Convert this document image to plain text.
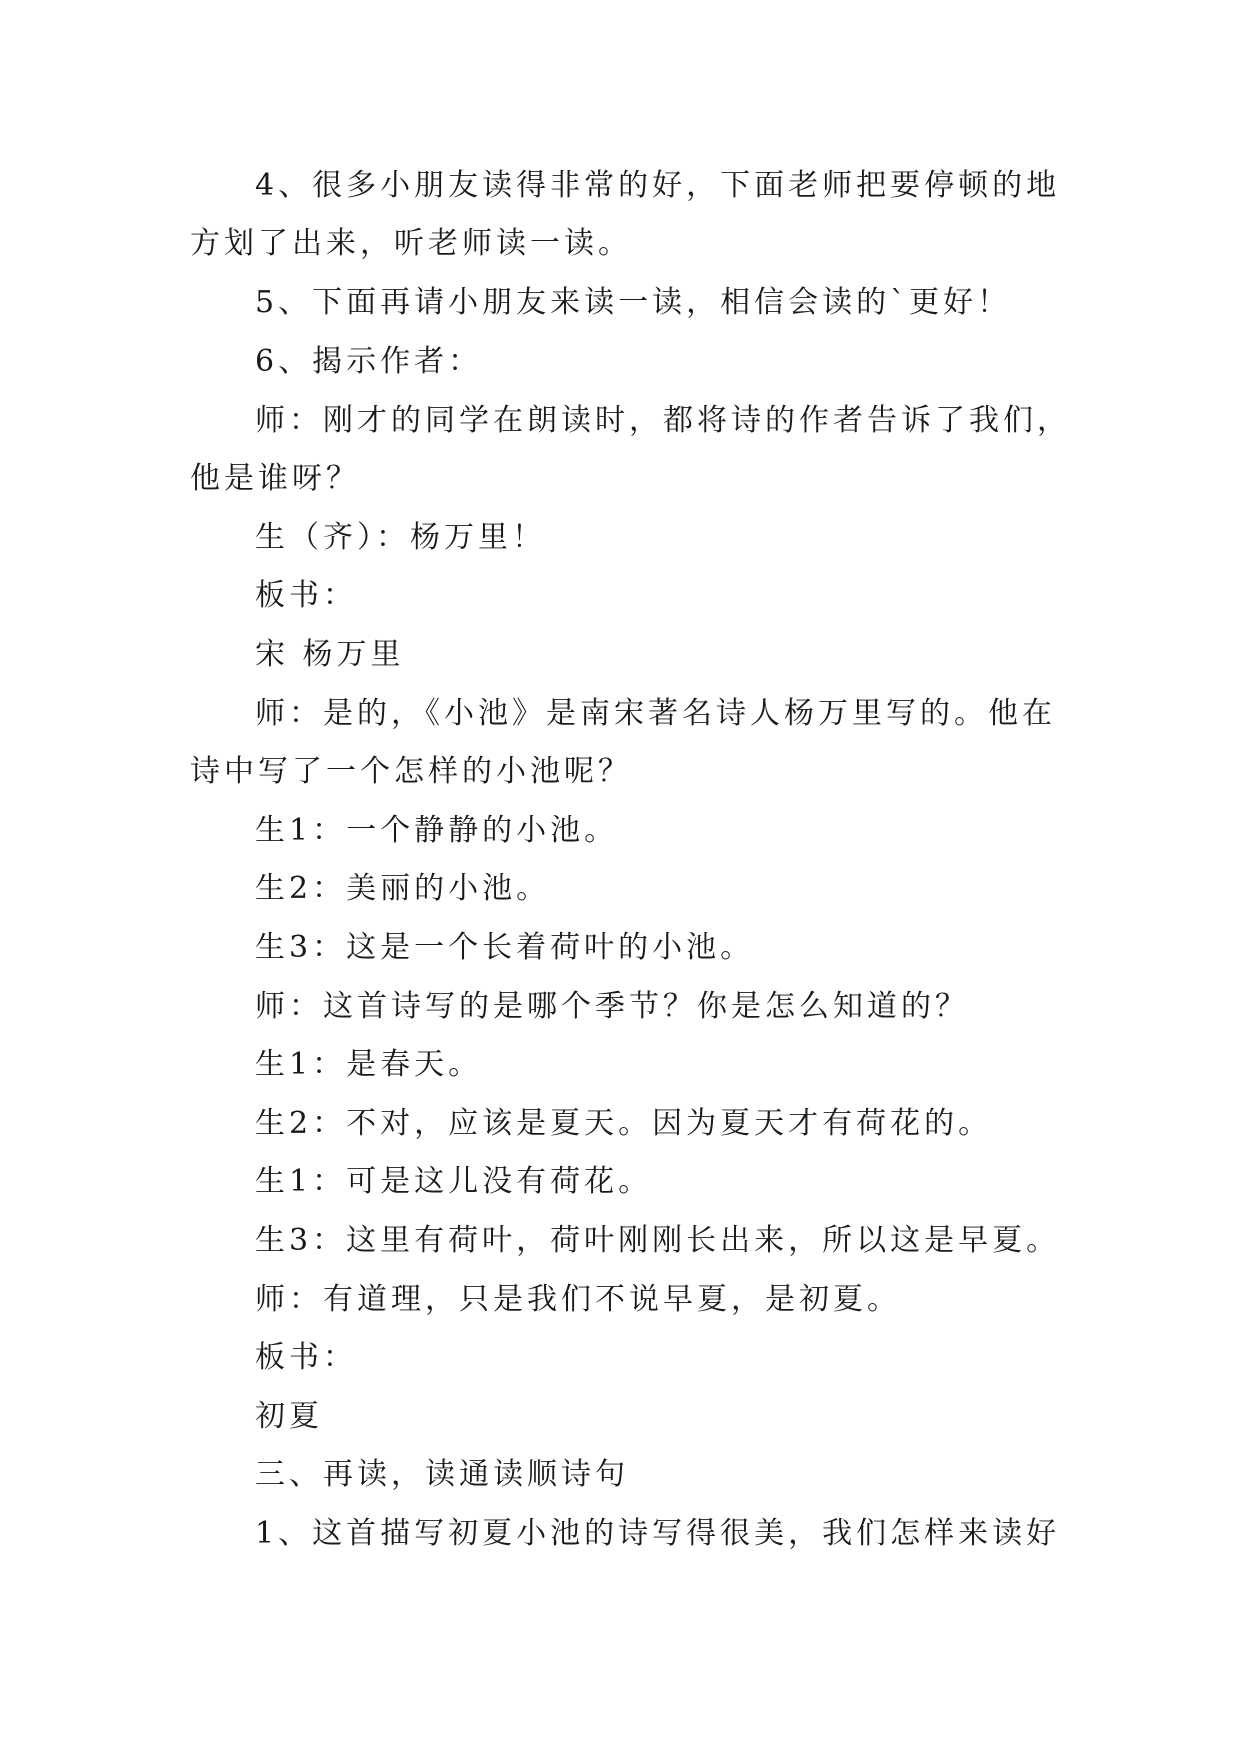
4、很多小朋友读得非常的好，下面老师把要停顿的地
方划了出来，听老师读一读。
5、下面再请小朋友来读一读，相信会读的`更好！
6、揭示作者：
师：刚才的同学在朗读时，都将诗的作者告诉了我们，
他是谁呀？
生（齐）：杨万里！
板书：
宋 杨万里
师：是的，《小池》是南宋著名诗人杨万里写的。他在
诗中写了一个怎样的小池呢？
生1：一个静静的小池。
生2：美丽的小池。
生3：这是一个长着荷叶的小池。
师：这首诗写的是哪个季节？你是怎么知道的？
生1：是春天。
生2：不对，应该是夏天。因为夏天才有荷花的。
生1：可是这儿没有荷花。
生3：这里有荷叶，荷叶刚刚长出来，所以这是早夏。
师：有道理，只是我们不说早夏，是初夏。
板书：
初夏
三、再读，读通读顺诗句
1、这首描写初夏小池的诗写得很美，我们怎样来读好
